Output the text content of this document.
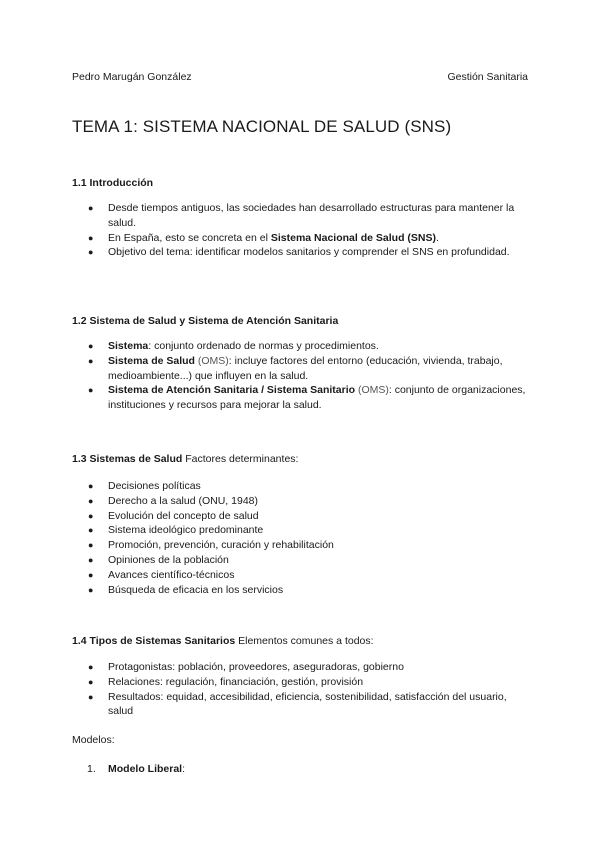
Pedro Marugán González	Gestión Sanitaria
TEMA 1: SISTEMA NACIONAL DE SALUD (SNS)

1.1 Introducción

● Desde tiempos antiguos, las sociedades han desarrollado estructuras para mantener la salud.
● En España, esto se concreta en el Sistema Nacional de Salud (SNS).
● Objetivo del tema: identificar modelos sanitarios y comprender el SNS en profundidad.

1.2 Sistema de Salud y Sistema de Atención Sanitaria

● Sistema: conjunto ordenado de normas y procedimientos.
● Sistema de Salud (OMS): incluye factores del entorno (educación, vivienda, trabajo, medioambiente...) que influyen en la salud.
● Sistema de Atención Sanitaria / Sistema Sanitario (OMS): conjunto de organizaciones, instituciones y recursos para mejorar la salud.

1.3 Sistemas de Salud Factores determinantes:

● Decisiones políticas
● Derecho a la salud (ONU, 1948)
● Evolución del concepto de salud
● Sistema ideológico predominante
● Promoción, prevención, curación y rehabilitación
● Opiniones de la población
● Avances científico-técnicos
● Búsqueda de eficacia en los servicios

1.4 Tipos de Sistemas Sanitarios Elementos comunes a todos:

● Protagonistas: población, proveedores, aseguradoras, gobierno
● Relaciones: regulación, financiación, gestión, provisión
● Resultados: equidad, accesibilidad, eficiencia, sostenibilidad, satisfacción del usuario, salud

Modelos:

1. Modelo Liberal:
